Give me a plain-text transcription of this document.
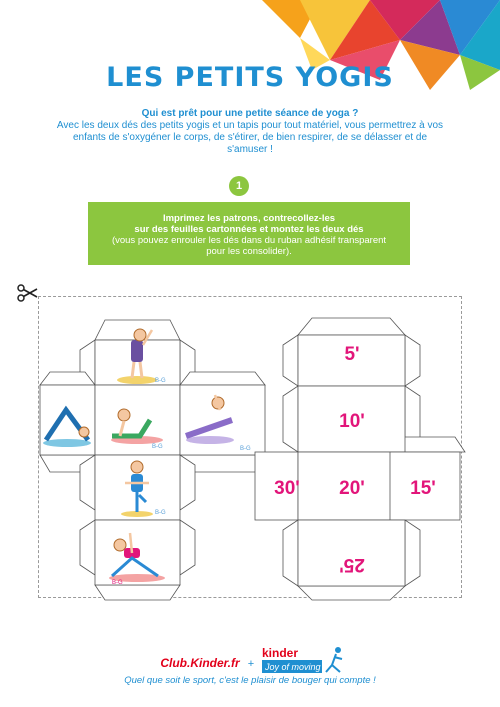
LES PETITS YOGIS
Qui est prêt pour une petite séance de yoga ?
Avec les deux dés des petits yogis et un tapis pour tout matériel, vous permettrez à vos
enfants de s'oxygéner le corps, de s'étirer, de bien respirer, de se délasser et de s'amuser !
1
Imprimez les patrons, contrecollez-les
sur des feuilles cartonnées et montez les deux dés
(vous pouvez enrouler les dés dans du ruban adhésif transparent
pour les consolider).
5'
10'
30' 20' 15'
25'
B-G
B-G	B-G
B-G
B-G
Club.Kinder.fr +
kinder
Joy of moving
Quel que soit le sport, c'est le plaisir de bouger qui compte !
